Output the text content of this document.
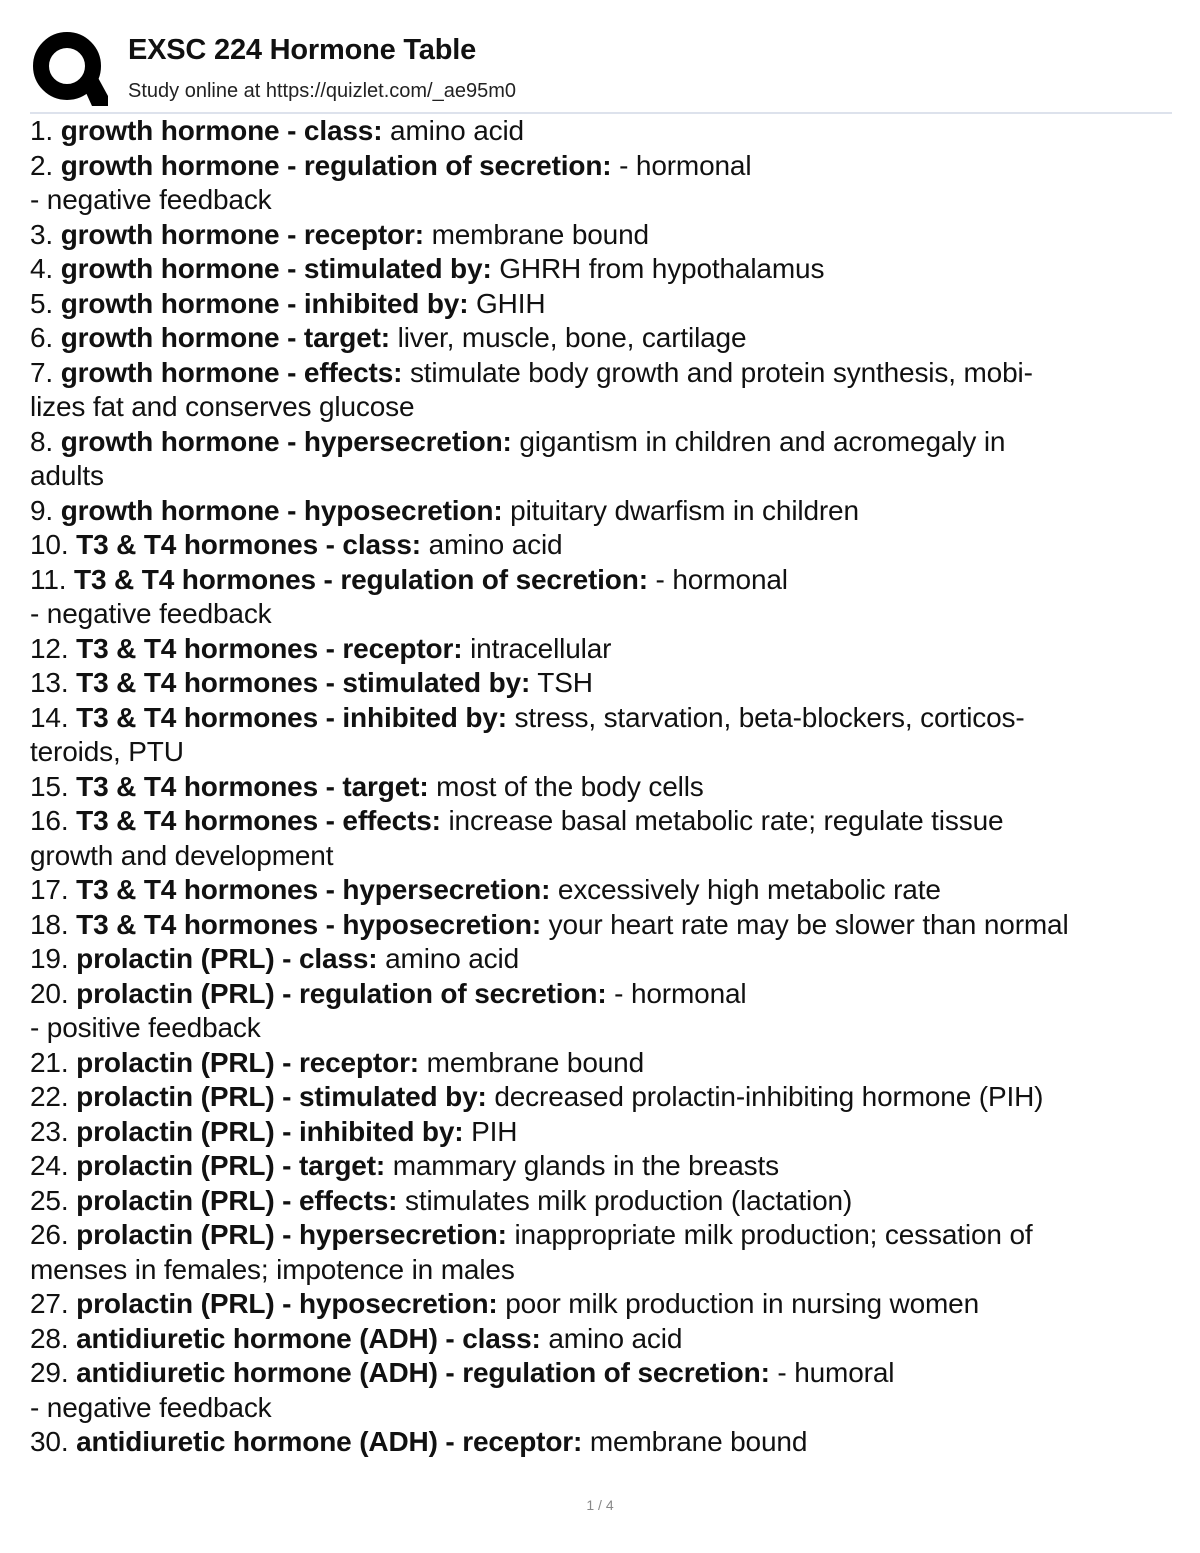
EXSC 224 Hormone Table
Study online at https://quizlet.com/_ae95m0
1. growth hormone - class: amino acid
2. growth hormone - regulation of secretion: - hormonal
- negative feedback
3. growth hormone - receptor: membrane bound
4. growth hormone - stimulated by: GHRH from hypothalamus
5. growth hormone - inhibited by: GHIH
6. growth hormone - target: liver, muscle, bone, cartilage
7. growth hormone - effects: stimulate body growth and protein synthesis, mobi-
lizes fat and conserves glucose
8. growth hormone - hypersecretion: gigantism in children and acromegaly in
adults
9. growth hormone - hyposecretion: pituitary dwarfism in children
10. T3 & T4 hormones - class: amino acid
11. T3 & T4 hormones - regulation of secretion: - hormonal
- negative feedback
12. T3 & T4 hormones - receptor: intracellular
13. T3 & T4 hormones - stimulated by: TSH
14. T3 & T4 hormones - inhibited by: stress, starvation, beta-blockers, corticos-
teroids, PTU
15. T3 & T4 hormones - target: most of the body cells
16. T3 & T4 hormones - effects: increase basal metabolic rate; regulate tissue
growth and development
17. T3 & T4 hormones - hypersecretion: excessively high metabolic rate
18. T3 & T4 hormones - hyposecretion: your heart rate may be slower than normal
19. prolactin (PRL) - class: amino acid
20. prolactin (PRL) - regulation of secretion: - hormonal
- positive feedback
21. prolactin (PRL) - receptor: membrane bound
22. prolactin (PRL) - stimulated by: decreased prolactin-inhibiting hormone (PIH)
23. prolactin (PRL) - inhibited by: PIH
24. prolactin (PRL) - target: mammary glands in the breasts
25. prolactin (PRL) - effects: stimulates milk production (lactation)
26. prolactin (PRL) - hypersecretion: inappropriate milk production; cessation of
menses in females; impotence in males
27. prolactin (PRL) - hyposecretion: poor milk production in nursing women
28. antidiuretic hormone (ADH) - class: amino acid
29. antidiuretic hormone (ADH) - regulation of secretion: - humoral
- negative feedback
30. antidiuretic hormone (ADH) - receptor: membrane bound
1 / 4
